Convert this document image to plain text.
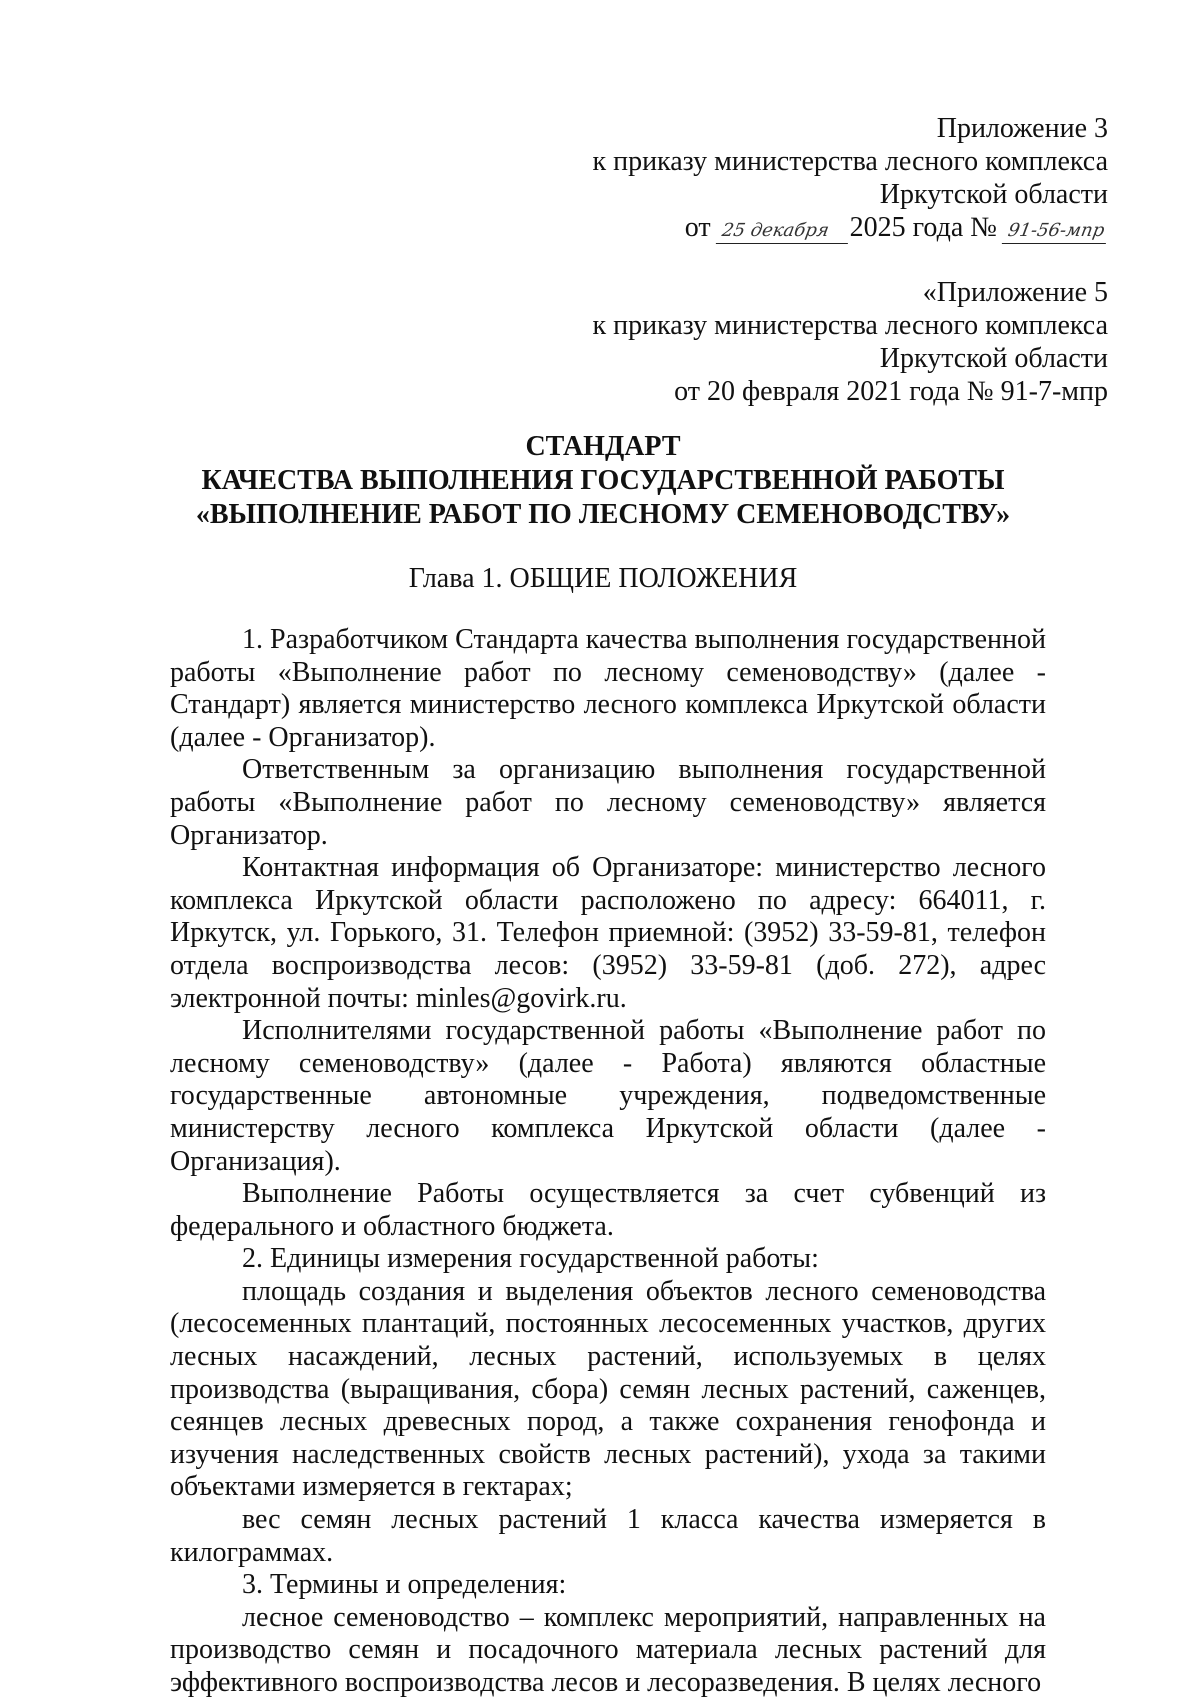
Приложение 3
к приказу министерства лесного комплекса
Иркутской области
от 25 декабря 2025 года № 91-56-мпр
«Приложение 5
к приказу министерства лесного комплекса
Иркутской области
от 20 февраля 2021 года № 91-7-мпр
СТАНДАРТ
КАЧЕСТВА ВЫПОЛНЕНИЯ ГОСУДАРСТВЕННОЙ РАБОТЫ
«ВЫПОЛНЕНИЕ РАБОТ ПО ЛЕСНОМУ СЕМЕНОВОДСТВУ»
Глава 1. ОБЩИЕ ПОЛОЖЕНИЯ

1. Разработчиком Стандарта качества выполнения государственной работы «Выполнение работ по лесному семеноводству» (далее - Стандарт) является министерство лесного комплекса Иркутской области (далее - Организатор).

Ответственным за организацию выполнения государственной работы «Выполнение работ по лесному семеноводству» является Организатор.

Контактная информация об Организаторе: министерство лесного комплекса Иркутской области расположено по адресу: 664011, г. Иркутск, ул. Горького, 31. Телефон приемной: (3952) 33-59-81, телефон отдела воспроизводства лесов: (3952) 33-59-81 (доб. 272), адрес электронной почты: minles@govirk.ru.

Исполнителями государственной работы «Выполнение работ по лесному семеноводству» (далее - Работа) являются областные государственные автономные учреждения, подведомственные министерству лесного комплекса Иркутской области (далее - Организация).

Выполнение Работы осуществляется за счет субвенций из федерального и областного бюджета.

2. Единицы измерения государственной работы:

площадь создания и выделения объектов лесного семеноводства (лесосеменных плантаций, постоянных лесосеменных участков, других лесных насаждений, лесных растений, используемых в целях производства (выращивания, сбора) семян лесных растений, саженцев, сеянцев лесных древесных пород, а также сохранения генофонда и изучения наследственных свойств лесных растений), ухода за такими объектами измеряется в гектарах;

вес семян лесных растений 1 класса качества измеряется в килограммах.

3. Термины и определения:

лесное семеноводство – комплекс мероприятий, направленных на производство семян и посадочного материала лесных растений для эффективного воспроизводства лесов и лесоразведения. В целях лесного
